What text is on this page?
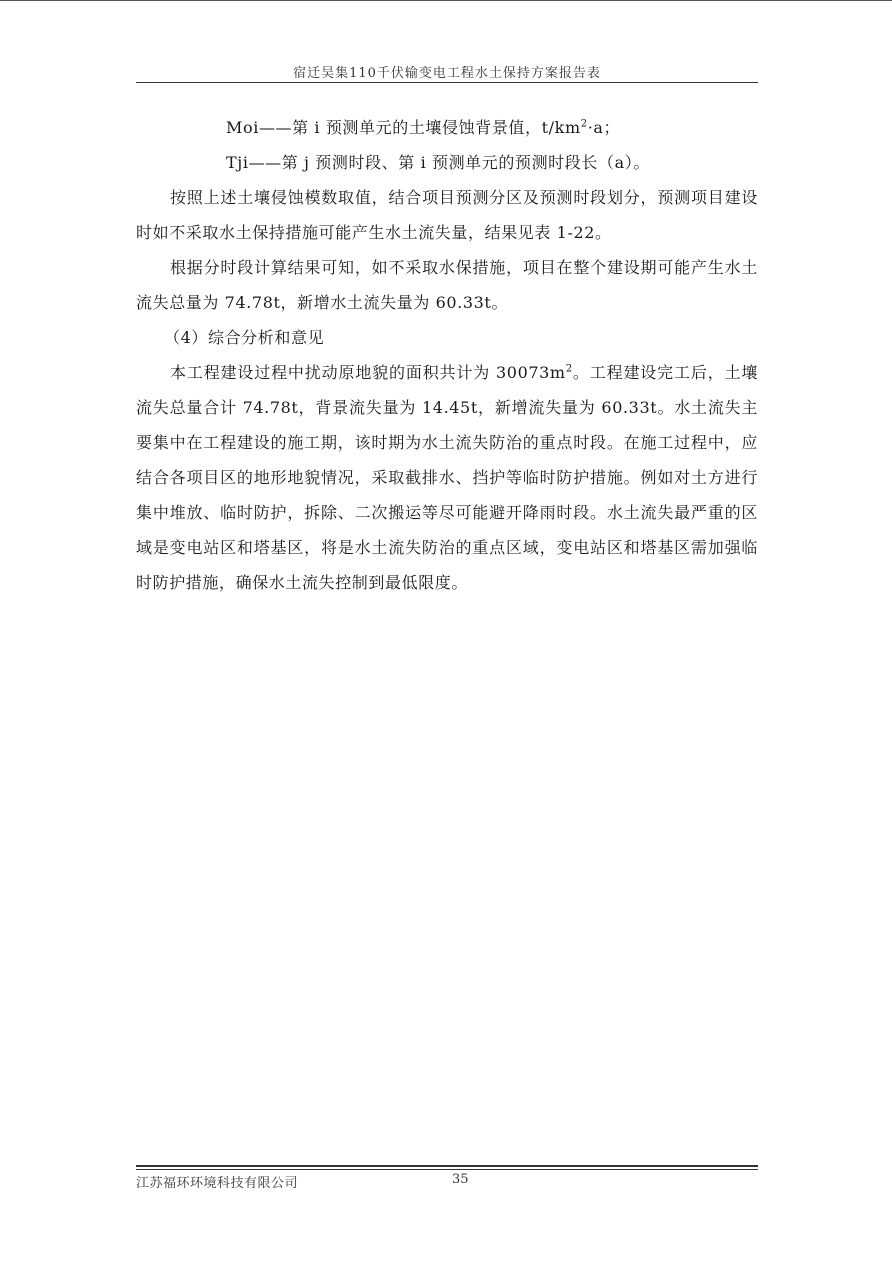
宿迁吴集110千伏输变电工程水土保持方案报告表

Moi——第 i 预测单元的土壤侵蚀背景值，$t/km^2\cdot a$；

Tji——第 j 预测时段、第 i 预测单元的预测时段长（a）。

按照上述土壤侵蚀模数取值，结合项目预测分区及预测时段划分，预测项目建设时如不采取水土保持措施可能产生水土流失量，结果见表 1-22。

根据分时段计算结果可知，如不采取水保措施，项目在整个建设期可能产生水土流失总量为 74.78t，新增水土流失量为 60.33t。

（4）综合分析和意见

本工程建设过程中扰动原地貌的面积共计为 $30073m^2$。工程建设完工后，土壤流失总量合计 74.78t，背景流失量为 14.45t，新增流失量为 60.33t。水土流失主要集中在工程建设的施工期，该时期为水土流失防治的重点时段。在施工过程中，应结合各项目区的地形地貌情况，采取截排水、挡护等临时防护措施。例如对土方进行集中堆放、临时防护，拆除、二次搬运等尽可能避开降雨时段。水土流失最严重的区域是变电站区和塔基区，将是水土流失防治的重点区域，变电站区和塔基区需加强临时防护措施，确保水土流失控制到最低限度。

江苏福环环境科技有限公司	35
